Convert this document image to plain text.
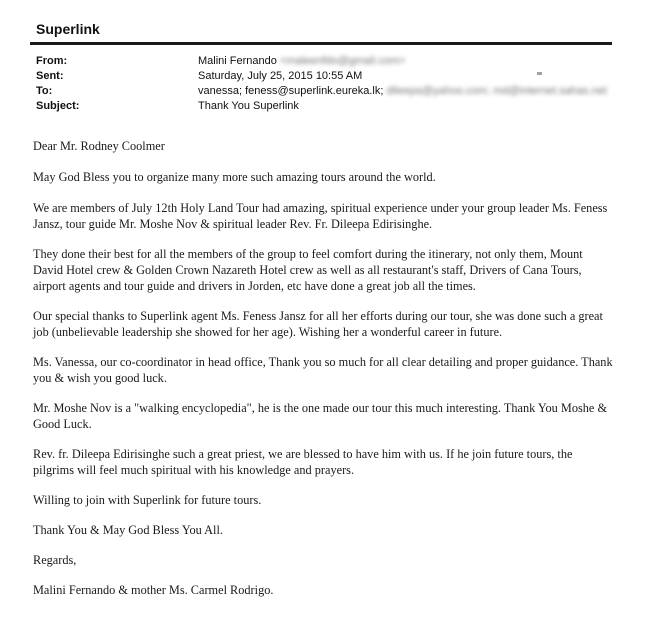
Superlink
From:	Malini Fernando <maleenfdo@gmail.com>
Sent:	Saturday, July 25, 2015 10:55 AM
To:	vanessa; feness@superlink.eureka.lk; dileepa@yahoo.com; md@internet.sahas.net
Subject:	Thank You Superlink

Dear Mr. Rodney Coolmer

May God Bless you to organize many more such amazing tours around the world.

We are members of July 12th Holy Land Tour had amazing, spiritual experience under your group leader Ms. Feness Jansz, tour guide Mr. Moshe Nov & spiritual leader Rev. Fr. Dileepa Edirisinghe.

They done their best for all the members of the group to feel comfort during the itinerary, not only them, Mount David Hotel crew & Golden Crown Nazareth Hotel crew as well as all restaurant's staff, Drivers of Cana Tours, airport agents and tour guide and drivers in Jorden, etc have done a great job all the times.

Our special thanks to Superlink agent Ms. Feness Jansz for all her efforts during our tour, she was done such a great job (unbelievable leadership she showed for her age). Wishing her a wonderful career in future.

Ms. Vanessa, our co-coordinator in head office, Thank you so much for all clear detailing and proper guidance. Thank you & wish you good luck.

Mr. Moshe Nov is a "walking encyclopedia", he is the one made our tour this much interesting. Thank You Moshe & Good Luck.

Rev. fr. Dileepa Edirisinghe such a great priest, we are blessed to have him with us. If he join future tours, the pilgrims will feel much spiritual with his knowledge and prayers.

Willing to join with Superlink for future tours.

Thank You & May God Bless You All.

Regards,

Malini Fernando & mother Ms. Carmel Rodrigo.
